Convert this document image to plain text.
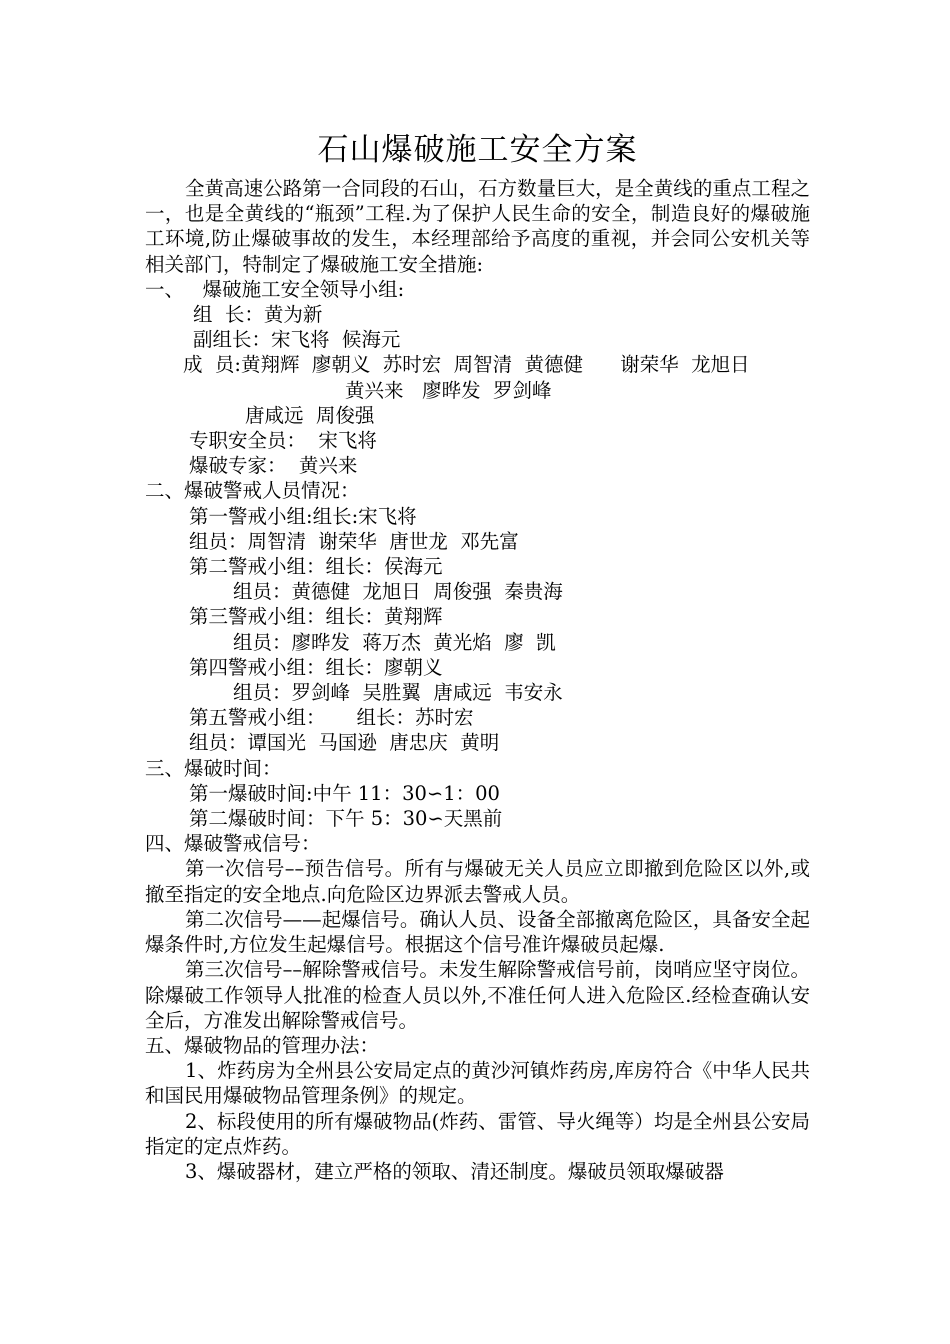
石山爆破施工安全方案

全黄高速公路第一合同段的石山，石方数量巨大，是全黄线的重点工程之一，也是全黄线的“瓶颈”工程.为了保护人民生命的安全，制造良好的爆破施工环境,防止爆破事故的发生，本经理部给予高度的重视，并会同公安机关等相关部门，特制定了爆破施工安全措施:

一、   爆破施工安全领导小组:

组  长：黄为新

副组长：宋飞将  候海元

成  员:黄翔辉  廖朝义  苏时宏  周智清  黄德健      谢荣华  龙旭日

黄兴来   廖晔发  罗剑峰

唐咸远  周俊强

专职安全员：  宋飞将

爆破专家：  黄兴来

二、爆破警戒人员情况：

第一警戒小组:组长:宋飞将

组员：周智清  谢荣华  唐世龙  邓先富

第二警戒小组：组长：侯海元

组员：黄德健  龙旭日  周俊强  秦贵海

第三警戒小组：组长：黄翔辉

组员：廖晔发  蒋万杰  黄光焰  廖  凯

第四警戒小组：组长：廖朝义

组员：罗剑峰  吴胜翼  唐咸远  韦安永

第五警戒小组：     组长：苏时宏

组员：谭国光  马国逊  唐忠庆  黄明

三、爆破时间：

第一爆破时间:中午 11：30∽1：00

第二爆破时间：下午 5：30∽天黑前

四、爆破警戒信号：

第一次信号––预告信号。所有与爆破无关人员应立即撤到危险区以外,或撤至指定的安全地点.向危险区边界派去警戒人员。

第二次信号——起爆信号。确认人员、设备全部撤离危险区，具备安全起爆条件时,方位发生起爆信号。根据这个信号准许爆破员起爆.

第三次信号––解除警戒信号。未发生解除警戒信号前，岗哨应坚守岗位。除爆破工作领导人批准的检查人员以外,不准任何人进入危险区.经检查确认安全后，方准发出解除警戒信号。

五、爆破物品的管理办法：

1、炸药房为全州县公安局定点的黄沙河镇炸药房,库房符合《中华人民共和国民用爆破物品管理条例》的规定。

2、标段使用的所有爆破物品(炸药、雷管、导火绳等）均是全州县公安局指定的定点炸药。

3、爆破器材，建立严格的领取、清还制度。爆破员领取爆破器
